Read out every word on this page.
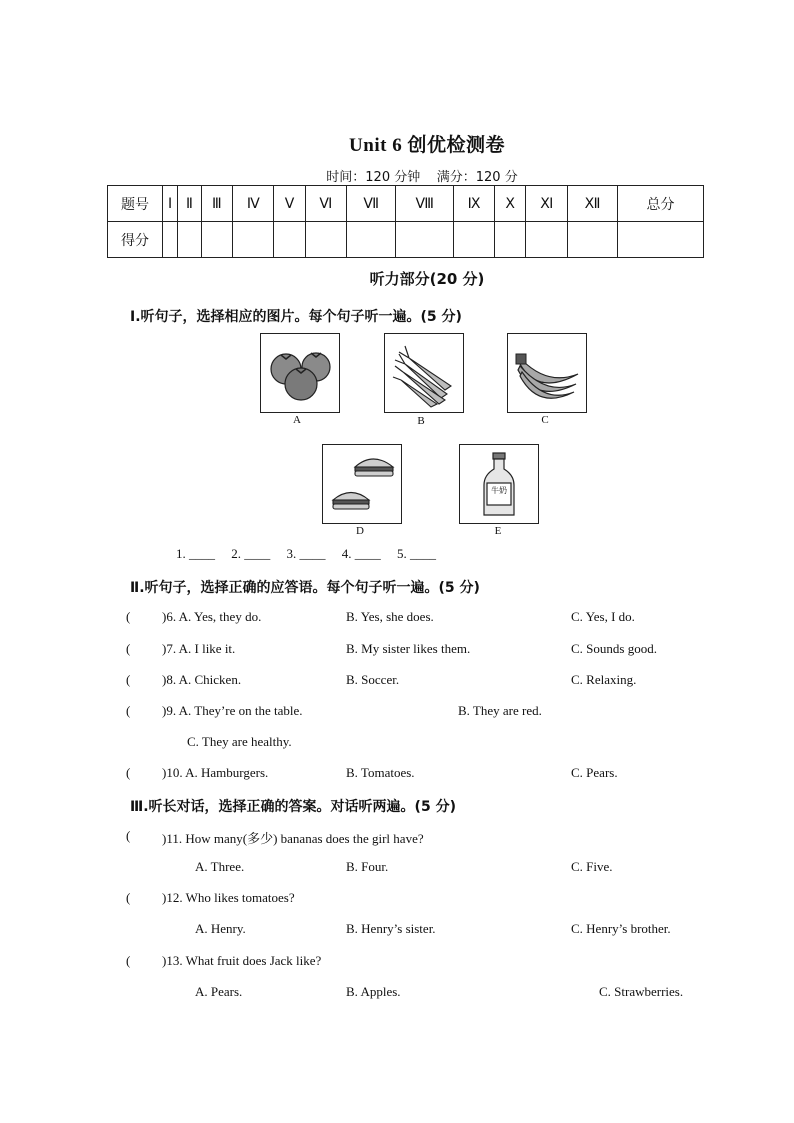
Unit 6 创优检测卷
时间：120 分钟    满分：120 分
题号	Ⅰ	Ⅱ	Ⅲ	Ⅳ	Ⅴ	Ⅵ	Ⅶ	Ⅷ	Ⅸ	Ⅹ	Ⅺ	Ⅻ	总分
得分													
听力部分(20 分)
Ⅰ.听句子，选择相应的图片。每个句子听一遍。(5 分)
A	B	C
D
牛奶
E
1. ____ 2. ____ 3. ____ 4. ____ 5. ____
Ⅱ.听句子，选择正确的应答语。每个句子听一遍。(5 分)
( )6. A. Yes, they do.	B. Yes, she does.	C. Yes, I do.
( )7. A. I like it.	B. My sister likes them.	C. Sounds good.
( )8. A. Chicken.	B. Soccer.	C. Relaxing.
( )9. A. They’re on the table.	B. They are red.
C. They are healthy.
( )10. A. Hamburgers.	B. Tomatoes.	C. Pears.
Ⅲ.听长对话，选择正确的答案。对话听两遍。(5 分)
( )11. How many(多少) bananas does the girl have?
A. Three.	B. Four.	C. Five.
( )12. Who likes tomatoes?
A. Henry.	B. Henry’s sister.	C. Henry’s brother.
( )13. What fruit does Jack like?
A. Pears.	B. Apples.	C. Strawberries.
